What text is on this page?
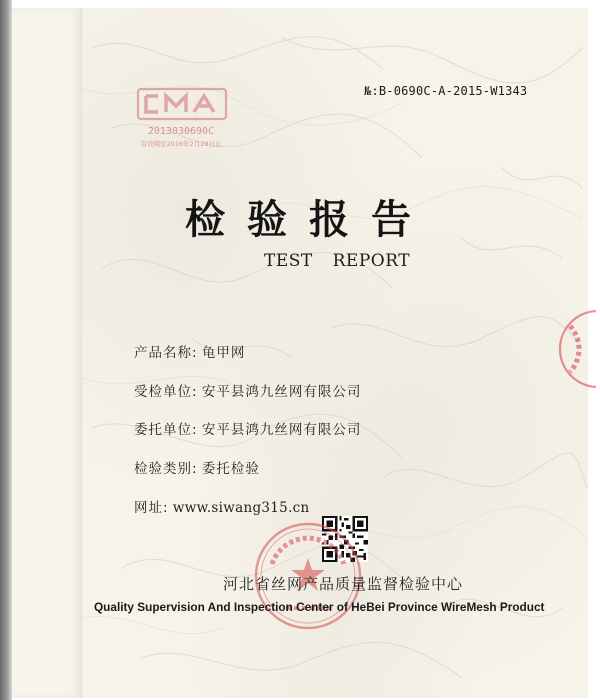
№:B-0690C-A-2015-W1343
2013030690C
有效期至2016年2月28日止
检验报告
TEST REPORT
产品名称: 龟甲网
受检单位: 安平县鸿九丝网有限公司
委托单位: 安平县鸿九丝网有限公司
检验类别: 委托检验
网址: www.siwang315.cn
河北省丝网产品质量监督检验中心
Quality Supervision And Inspection Center of HeBei Province WireMesh Product
